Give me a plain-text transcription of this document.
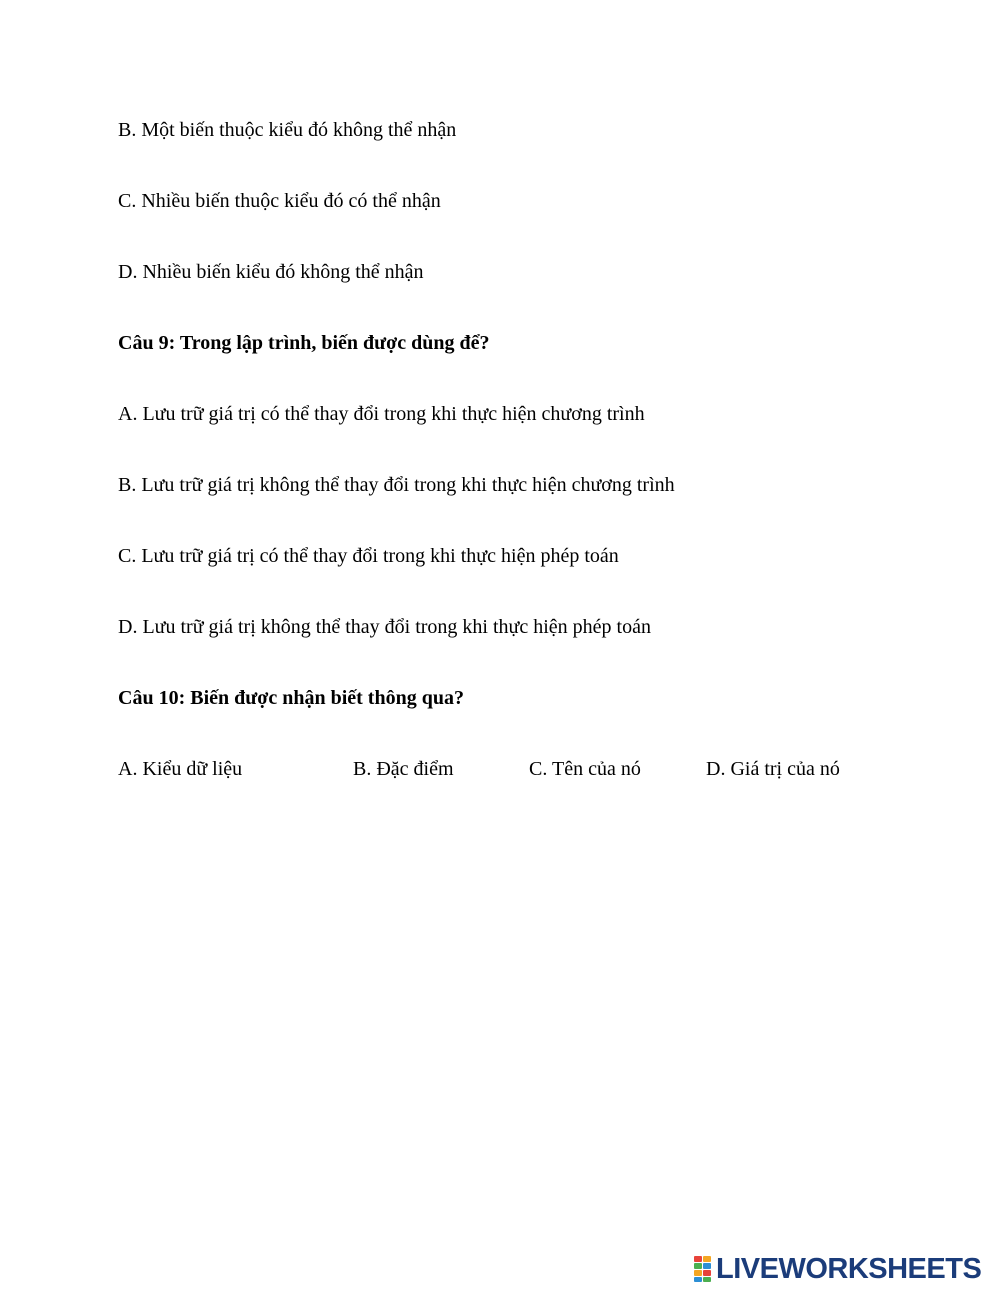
B. Một biến thuộc kiểu đó không thể nhận
C. Nhiều biến thuộc kiểu đó có thể nhận
D. Nhiều biến kiểu đó không thể nhận
Câu 9: Trong lập trình, biến được dùng để?
A. Lưu trữ giá trị có thể thay đổi trong khi thực hiện chương trình
B. Lưu trữ giá trị không thể thay đổi trong khi thực hiện chương trình
C. Lưu trữ giá trị có thể thay đổi trong khi thực hiện phép toán
D. Lưu trữ giá trị không thể thay đổi trong khi thực hiện phép toán
Câu 10: Biến được nhận biết thông qua?
A. Kiểu dữ liệu	B. Đặc điểm	C. Tên của nó	D. Giá trị của nó
LIVEWORKSHEETS
